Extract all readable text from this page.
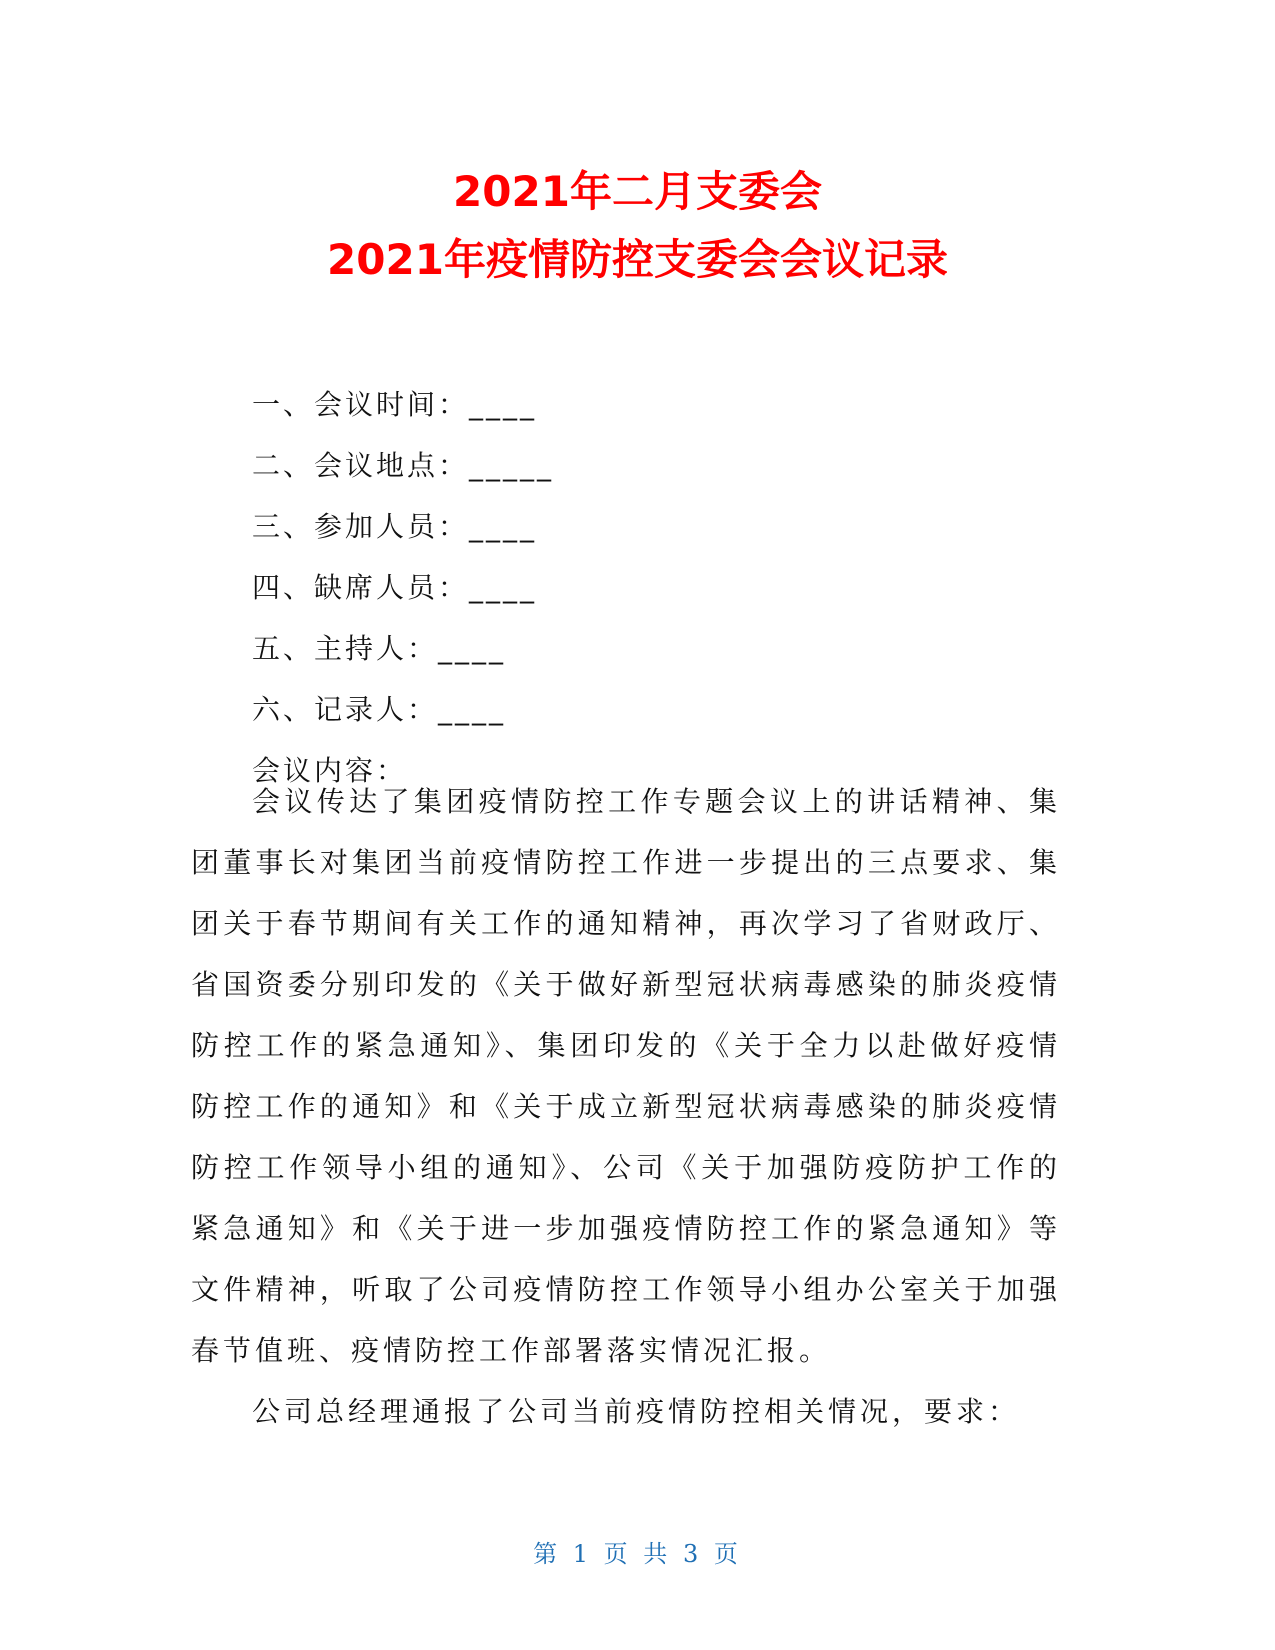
2021年二月支委会
2021年疫情防控支委会会议记录
一、会议时间：____
二、会议地点：_____
三、参加人员：____
四、缺席人员：____
五、主持人：____
六、记录人：____
会议内容：

会议传达了集团疫情防控工作专题会议上的讲话精神、集团董事长对集团当前疫情防控工作进一步提出的三点要求、集团关于春节期间有关工作的通知精神，再次学习了省财政厅、省国资委分别印发的《关于做好新型冠状病毒感染的肺炎疫情防控工作的紧急通知》、集团印发的《关于全力以赴做好疫情防控工作的通知》和《关于成立新型冠状病毒感染的肺炎疫情防控工作领导小组的通知》、公司《关于加强防疫防护工作的紧急通知》和《关于进一步加强疫情防控工作的紧急通知》等文件精神，听取了公司疫情防控工作领导小组办公室关于加强春节值班、疫情防控工作部署落实情况汇报。

公司总经理通报了公司当前疫情防控相关情况，要求：

第 1 页 共 3 页
